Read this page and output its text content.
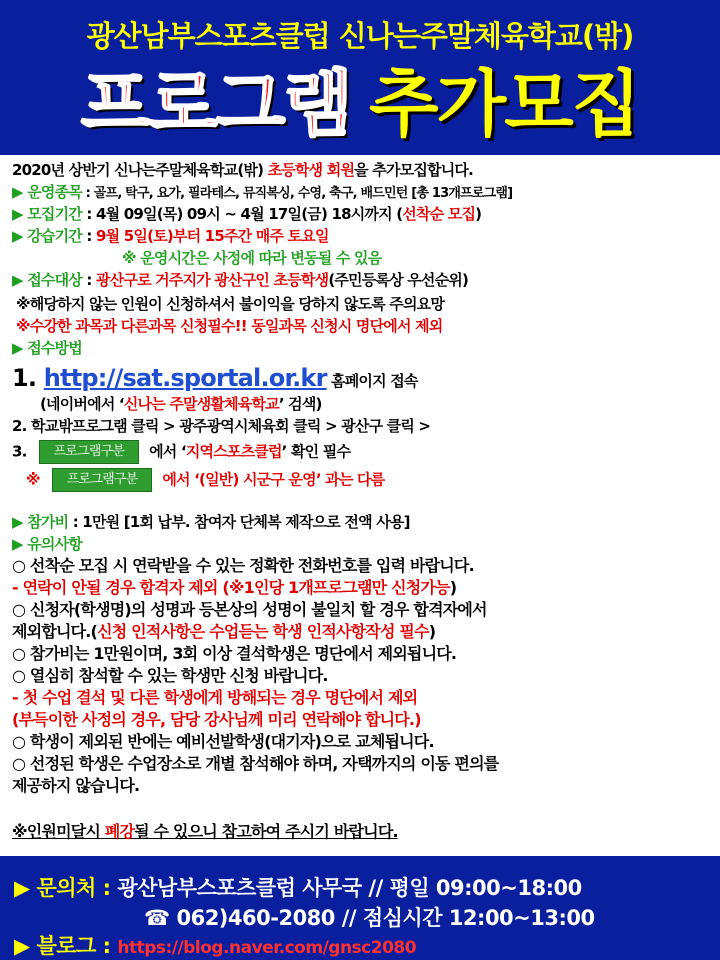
광산남부스포츠클럽 신나는주말체육학교(밖)
프로그램 추가모집
2020년 상반기 신나는주말체육학교(밖) 초등학생 회원을 추가모집합니다.
▶ 운영종목 : 골프, 탁구, 요가, 필라테스, 뮤직복싱, 수영, 축구, 배드민턴 [총 13개프로그램]
▶ 모집기간 : 4월 09일(목) 09시 ~ 4월 17일(금) 18시까지 (선착순 모집)
▶ 강습기간 : 9월 5일(토)부터 15주간 매주 토요일
※ 운영시간은 사정에 따라 변동될 수 있음
▶ 접수대상 : 광산구로 거주지가 광산구인 초등학생(주민등록상 우선순위)
※해당하지 않는 인원이 신청하셔서 불이익을 당하지 않도록 주의요망
※수강한 과목과 다른과목 신청필수!! 동일과목 신청시 명단에서 제외
▶ 접수방법
1. http://sat.sportal.or.kr 홈페이지 접속
(네이버에서 ‘신나는 주말생활체육학교’ 검색)
2. 학교밖프로그램 클릭 > 광주광역시체육회 클릭 > 광산구 클릭 >
3. 프로그램구분 에서 ‘지역스포츠클럽’ 확인 필수
※ 프로그램구분 에서 ‘(일반) 시군구 운영’ 과는 다름
▶ 참가비 : 1만원 [1회 납부. 참여자 단체복 제작으로 전액 사용]
▶ 유의사항
○ 선착순 모집 시 연락받을 수 있는 정확한 전화번호를 입력 바랍니다.
- 연락이 안될 경우 합격자 제외 (※1인당 1개프로그램만 신청가능)
○ 신청자(학생명)의 성명과 등본상의 성명이 불일치 할 경우 합격자에서
제외합니다.(신청 인적사항은 수업듣는 학생 인적사항작성 필수)
○ 참가비는 1만원이며, 3회 이상 결석학생은 명단에서 제외됩니다.
○ 열심히 참석할 수 있는 학생만 신청 바랍니다.
- 첫 수업 결석 및 다른 학생에게 방해되는 경우 명단에서 제외
(부득이한 사정의 경우, 담당 강사님께 미리 연락해야 합니다.)
○ 학생이 제외된 반에는 예비선발학생(대기자)으로 교체됩니다.
○ 선정된 학생은 수업장소로 개별 참석해야 하며, 자택까지의 이동 편의를
제공하지 않습니다.
※인원미달시 폐강될 수 있으니 참고하여 주시기 바랍니다.
▶ 문의처 : 광산남부스포츠클럽 사무국 // 평일 09:00~18:00
☎ 062)460-2080 // 점심시간 12:00~13:00
▶ 블로그 : https://blog.naver.com/gnsc2080
